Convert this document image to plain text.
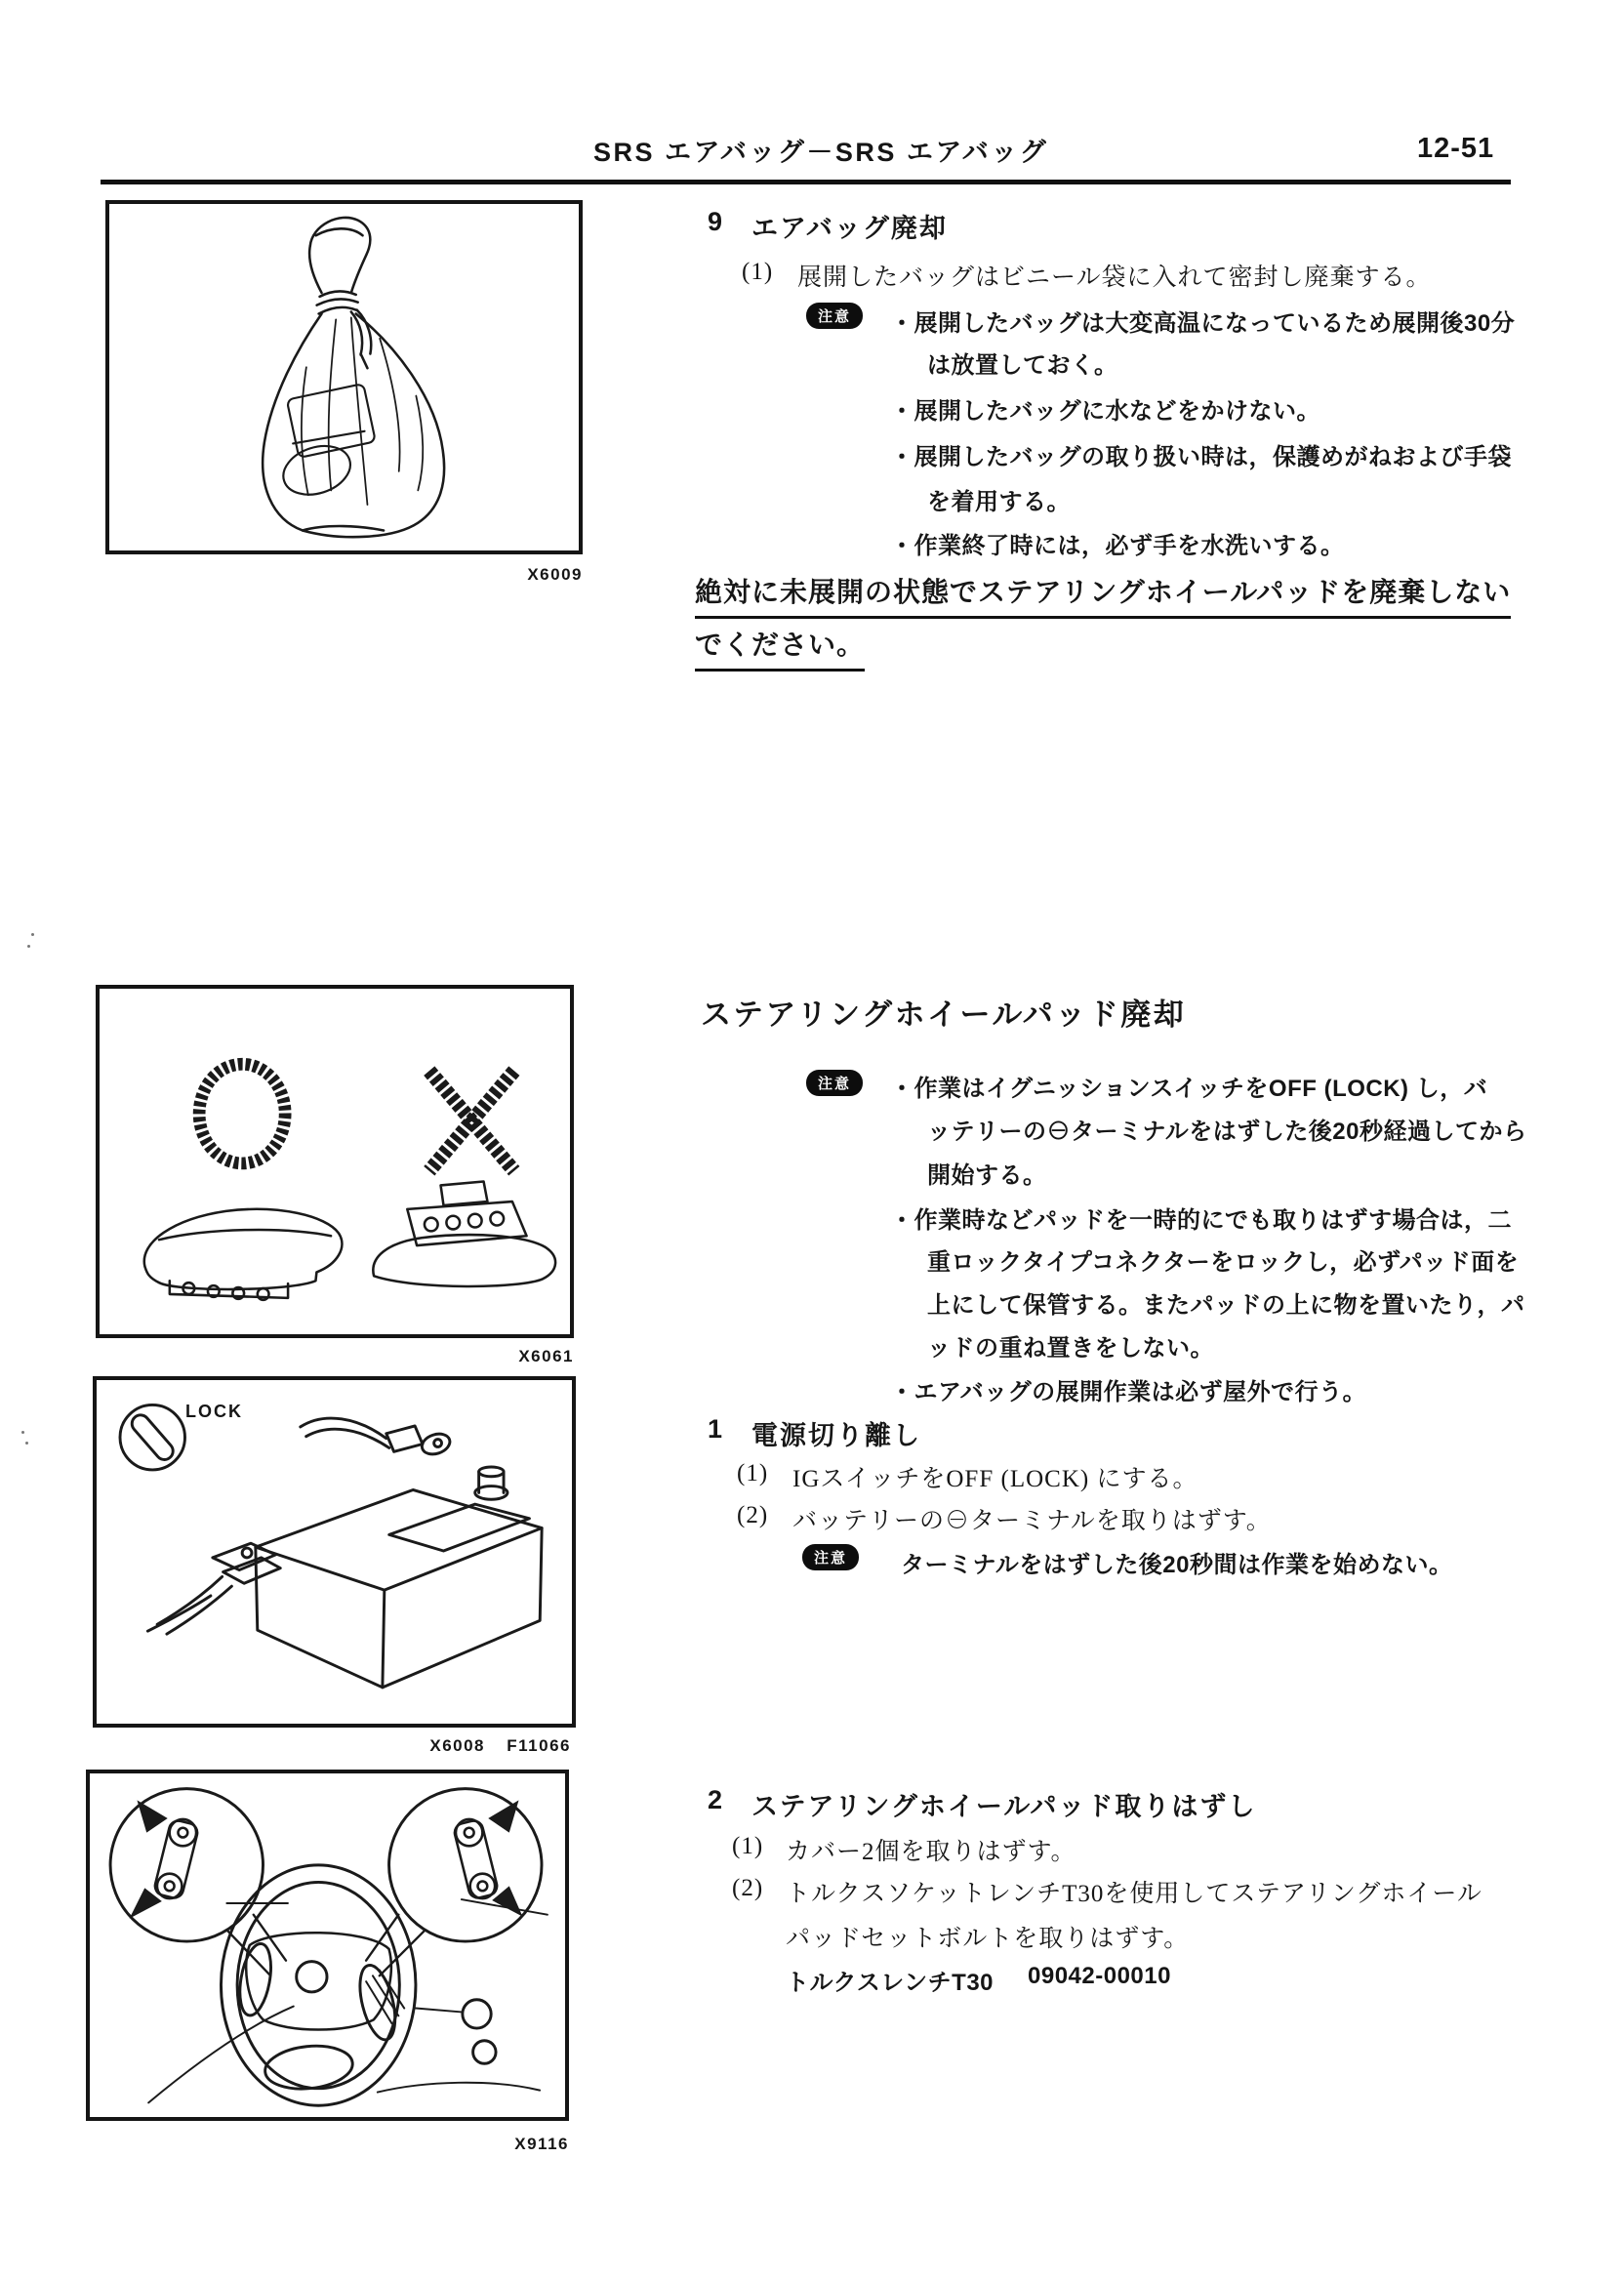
SRS エアバッグ－SRS エアバッグ	12-51
X6009
9 エアバッグ廃却
(1) 展開したバッグはビニール袋に入れて密封し廃棄する。
注意	・展開したバッグは大変高温になっているため展開後30分
は放置しておく。
・展開したバッグに水などをかけない。
・展開したバッグの取り扱い時は，保護めがねおよび手袋
を着用する。
・作業終了時には，必ず手を水洗いする。
絶対に未展開の状態でステアリングホイールパッドを廃棄しない
でください。
X6061
ステアリングホイールパッド廃却
注意	・作業はイグニッションスイッチをOFF (LOCK) し，バ
ッテリーの⊖ターミナルをはずした後20秒経過してから
開始する。
・作業時などパッドを一時的にでも取りはずす場合は，二
重ロックタイプコネクターをロックし，必ずパッド面を
上にして保管する。またパッドの上に物を置いたり，パ
ッドの重ね置きをしない。
・エアバッグの展開作業は必ず屋外で行う。
1 電源切り離し
(1) IGスイッチをOFF (LOCK) にする。
(2) バッテリーの⊖ターミナルを取りはずす。
注意	ターミナルをはずした後20秒間は作業を始めない。
LOCK
X6008 F11066
X9116
2 ステアリングホイールパッド取りはずし
(1) カバー2個を取りはずす。
(2) トルクスソケットレンチT30を使用してステアリングホイール
パッドセットボルトを取りはずす。
トルクスレンチT30 09042-00010
